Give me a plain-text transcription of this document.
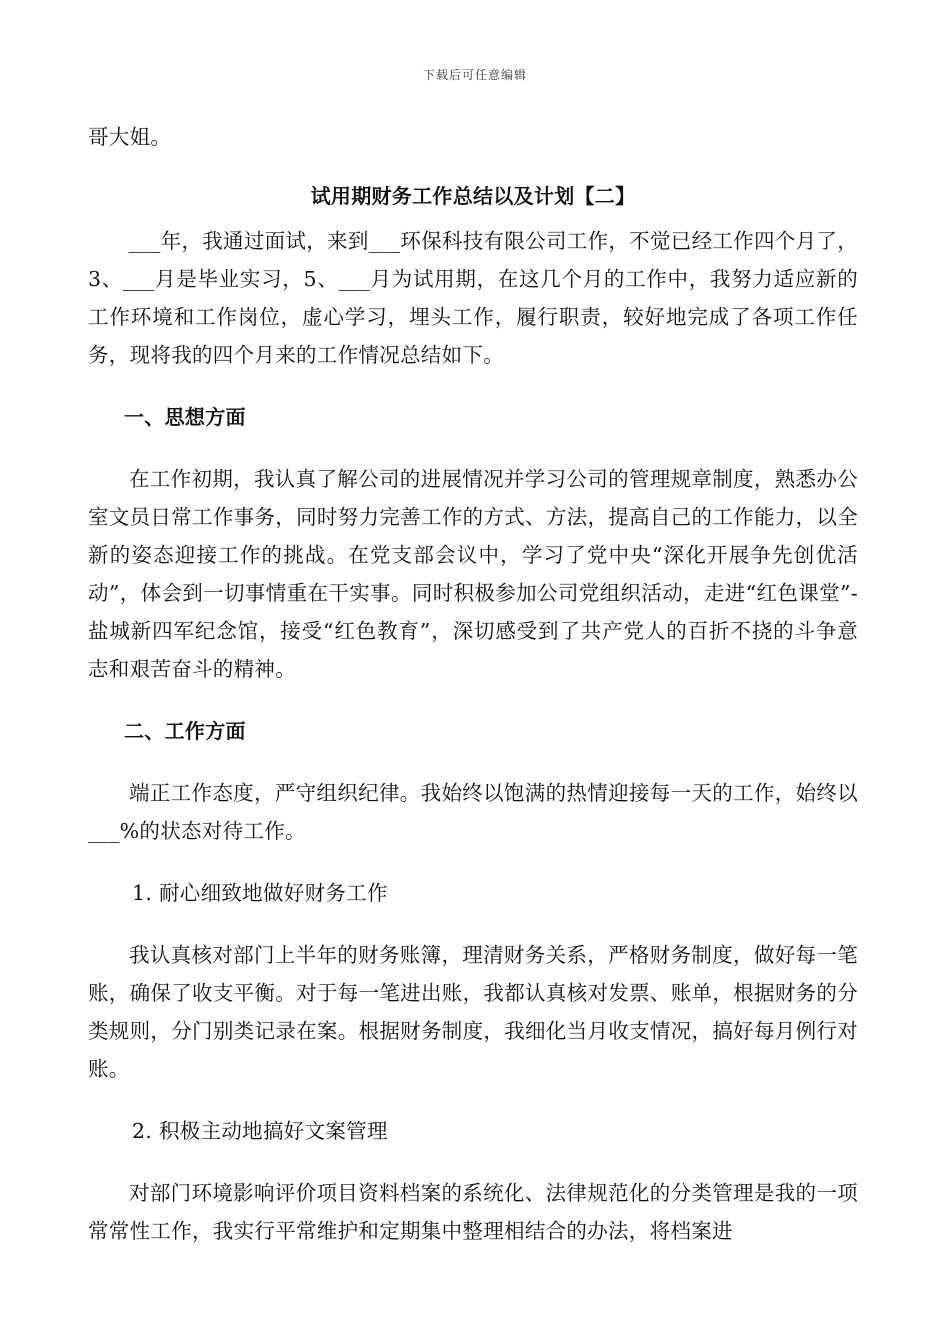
下载后可任意编辑

哥大姐。

试用期财务工作总结以及计划【二】

___年，我通过面试，来到___环保科技有限公司工作，不觉已经工作四个月了，3、___月是毕业实习，5、___月为试用期，在这几个月的工作中，我努力适应新的工作环境和工作岗位，虚心学习，埋头工作，履行职责，较好地完成了各项工作任务，现将我的四个月来的工作情况总结如下。

一、思想方面

在工作初期，我认真了解公司的进展情况并学习公司的管理规章制度，熟悉办公室文员日常工作事务，同时努力完善工作的方式、方法，提高自己的工作能力，以全新的姿态迎接工作的挑战。在党支部会议中，学习了党中央“深化开展争先创优活动”，体会到一切事情重在干实事。同时积极参加公司党组织活动，走进“红色课堂”-盐城新四军纪念馆，接受“红色教育”，深切感受到了共产党人的百折不挠的斗争意志和艰苦奋斗的精神。

二、工作方面

端正工作态度，严守组织纪律。我始终以饱满的热情迎接每一天的工作，始终以___%的状态对待工作。

1. 耐心细致地做好财务工作

我认真核对部门上半年的财务账簿，理清财务关系，严格财务制度，做好每一笔账，确保了收支平衡。对于每一笔进出账，我都认真核对发票、账单，根据财务的分类规则，分门别类记录在案。根据财务制度，我细化当月收支情况，搞好每月例行对账。

2. 积极主动地搞好文案管理

对部门环境影响评价项目资料档案的系统化、法律规范化的分类管理是我的一项常常性工作，我实行平常维护和定期集中整理相结合的办法，将档案进
